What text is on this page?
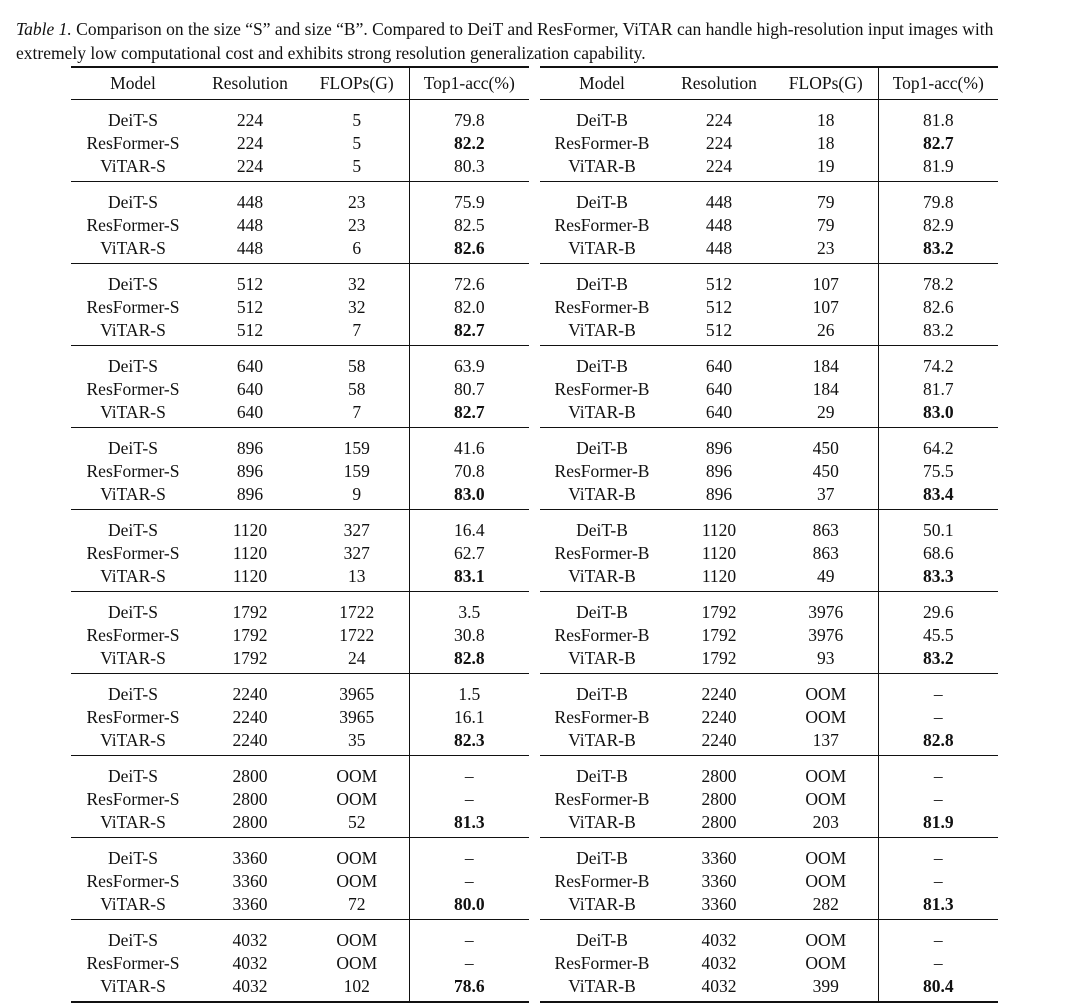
Table 1. Comparison on the size “S” and size “B”. Compared to DeiT and ResFormer, ViTAR can handle high-resolution input images with extremely low computational cost and exhibits strong resolution generalization capability.
Model	Resolution	FLOPs(G)	Top1-acc(%)
DeiT-S	224	5	79.8
ResFormer-S	224	5	82.2
ViTAR-S	224	5	80.3
DeiT-S	448	23	75.9
ResFormer-S	448	23	82.5
ViTAR-S	448	6	82.6
DeiT-S	512	32	72.6
ResFormer-S	512	32	82.0
ViTAR-S	512	7	82.7
DeiT-S	640	58	63.9
ResFormer-S	640	58	80.7
ViTAR-S	640	7	82.7
DeiT-S	896	159	41.6
ResFormer-S	896	159	70.8
ViTAR-S	896	9	83.0
DeiT-S	1120	327	16.4
ResFormer-S	1120	327	62.7
ViTAR-S	1120	13	83.1
DeiT-S	1792	1722	3.5
ResFormer-S	1792	1722	30.8
ViTAR-S	1792	24	82.8
DeiT-S	2240	3965	1.5
ResFormer-S	2240	3965	16.1
ViTAR-S	2240	35	82.3
DeiT-S	2800	OOM	–
ResFormer-S	2800	OOM	–
ViTAR-S	2800	52	81.3
DeiT-S	3360	OOM	–
ResFormer-S	3360	OOM	–
ViTAR-S	3360	72	80.0
DeiT-S	4032	OOM	–
ResFormer-S	4032	OOM	–
ViTAR-S	4032	102	78.6
Model	Resolution	FLOPs(G)	Top1-acc(%)
DeiT-B	224	18	81.8
ResFormer-B	224	18	82.7
ViTAR-B	224	19	81.9
DeiT-B	448	79	79.8
ResFormer-B	448	79	82.9
ViTAR-B	448	23	83.2
DeiT-B	512	107	78.2
ResFormer-B	512	107	82.6
ViTAR-B	512	26	83.2
DeiT-B	640	184	74.2
ResFormer-B	640	184	81.7
ViTAR-B	640	29	83.0
DeiT-B	896	450	64.2
ResFormer-B	896	450	75.5
ViTAR-B	896	37	83.4
DeiT-B	1120	863	50.1
ResFormer-B	1120	863	68.6
ViTAR-B	1120	49	83.3
DeiT-B	1792	3976	29.6
ResFormer-B	1792	3976	45.5
ViTAR-B	1792	93	83.2
DeiT-B	2240	OOM	–
ResFormer-B	2240	OOM	–
ViTAR-B	2240	137	82.8
DeiT-B	2800	OOM	–
ResFormer-B	2800	OOM	–
ViTAR-B	2800	203	81.9
DeiT-B	3360	OOM	–
ResFormer-B	3360	OOM	–
ViTAR-B	3360	282	81.3
DeiT-B	4032	OOM	–
ResFormer-B	4032	OOM	–
ViTAR-B	4032	399	80.4
